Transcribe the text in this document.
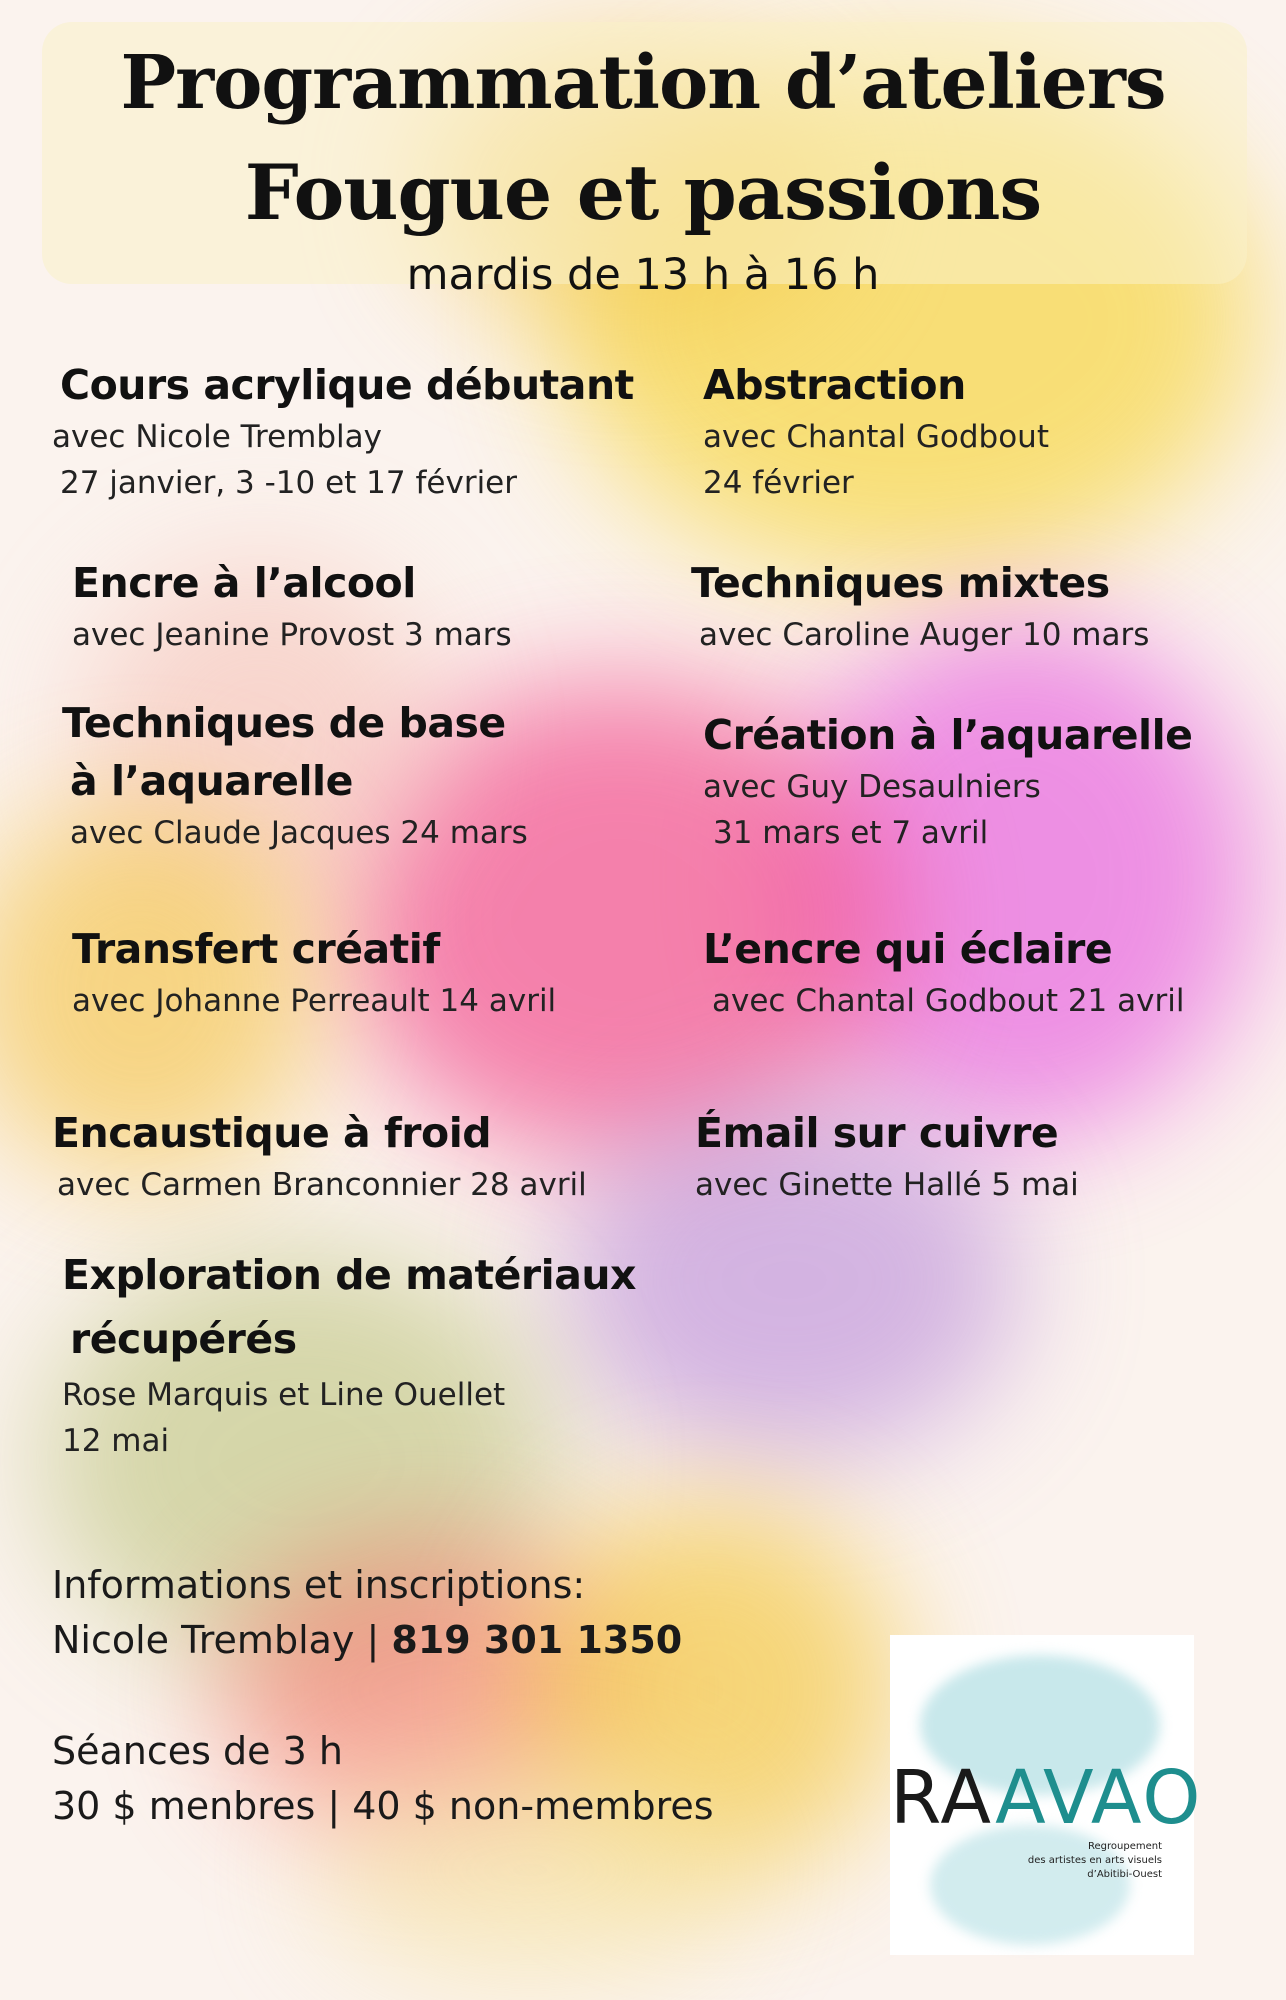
Programmation d’ateliers
Fougue et passions
mardis de 13 h à 16 h
Cours acrylique débutant
avec Nicole Tremblay
27 janvier, 3 -10 et 17 février
Abstraction
avec Chantal Godbout
24 février
Encre à l’alcool
avec Jeanine Provost 3 mars
Techniques mixtes
avec Caroline Auger 10 mars
Techniques de base
à l’aquarelle
avec Claude Jacques 24 mars
Création à l’aquarelle
avec Guy Desaulniers
31 mars et 7 avril
Transfert créatif
avec Johanne Perreault 14 avril
L’encre qui éclaire
avec Chantal Godbout 21 avril
Encaustique à froid
avec Carmen Branconnier 28 avril
Émail sur cuivre
avec Ginette Hallé 5 mai
Exploration de matériaux
récupérés
Rose Marquis et Line Ouellet
12 mai
Informations et inscriptions:
Nicole Tremblay | 819 301 1350
Séances de 3 h
30 $ menbres | 40 $ non-membres RAAVAO
Regroupement
des artistes en arts visuels
d’Abitibi-Ouest
